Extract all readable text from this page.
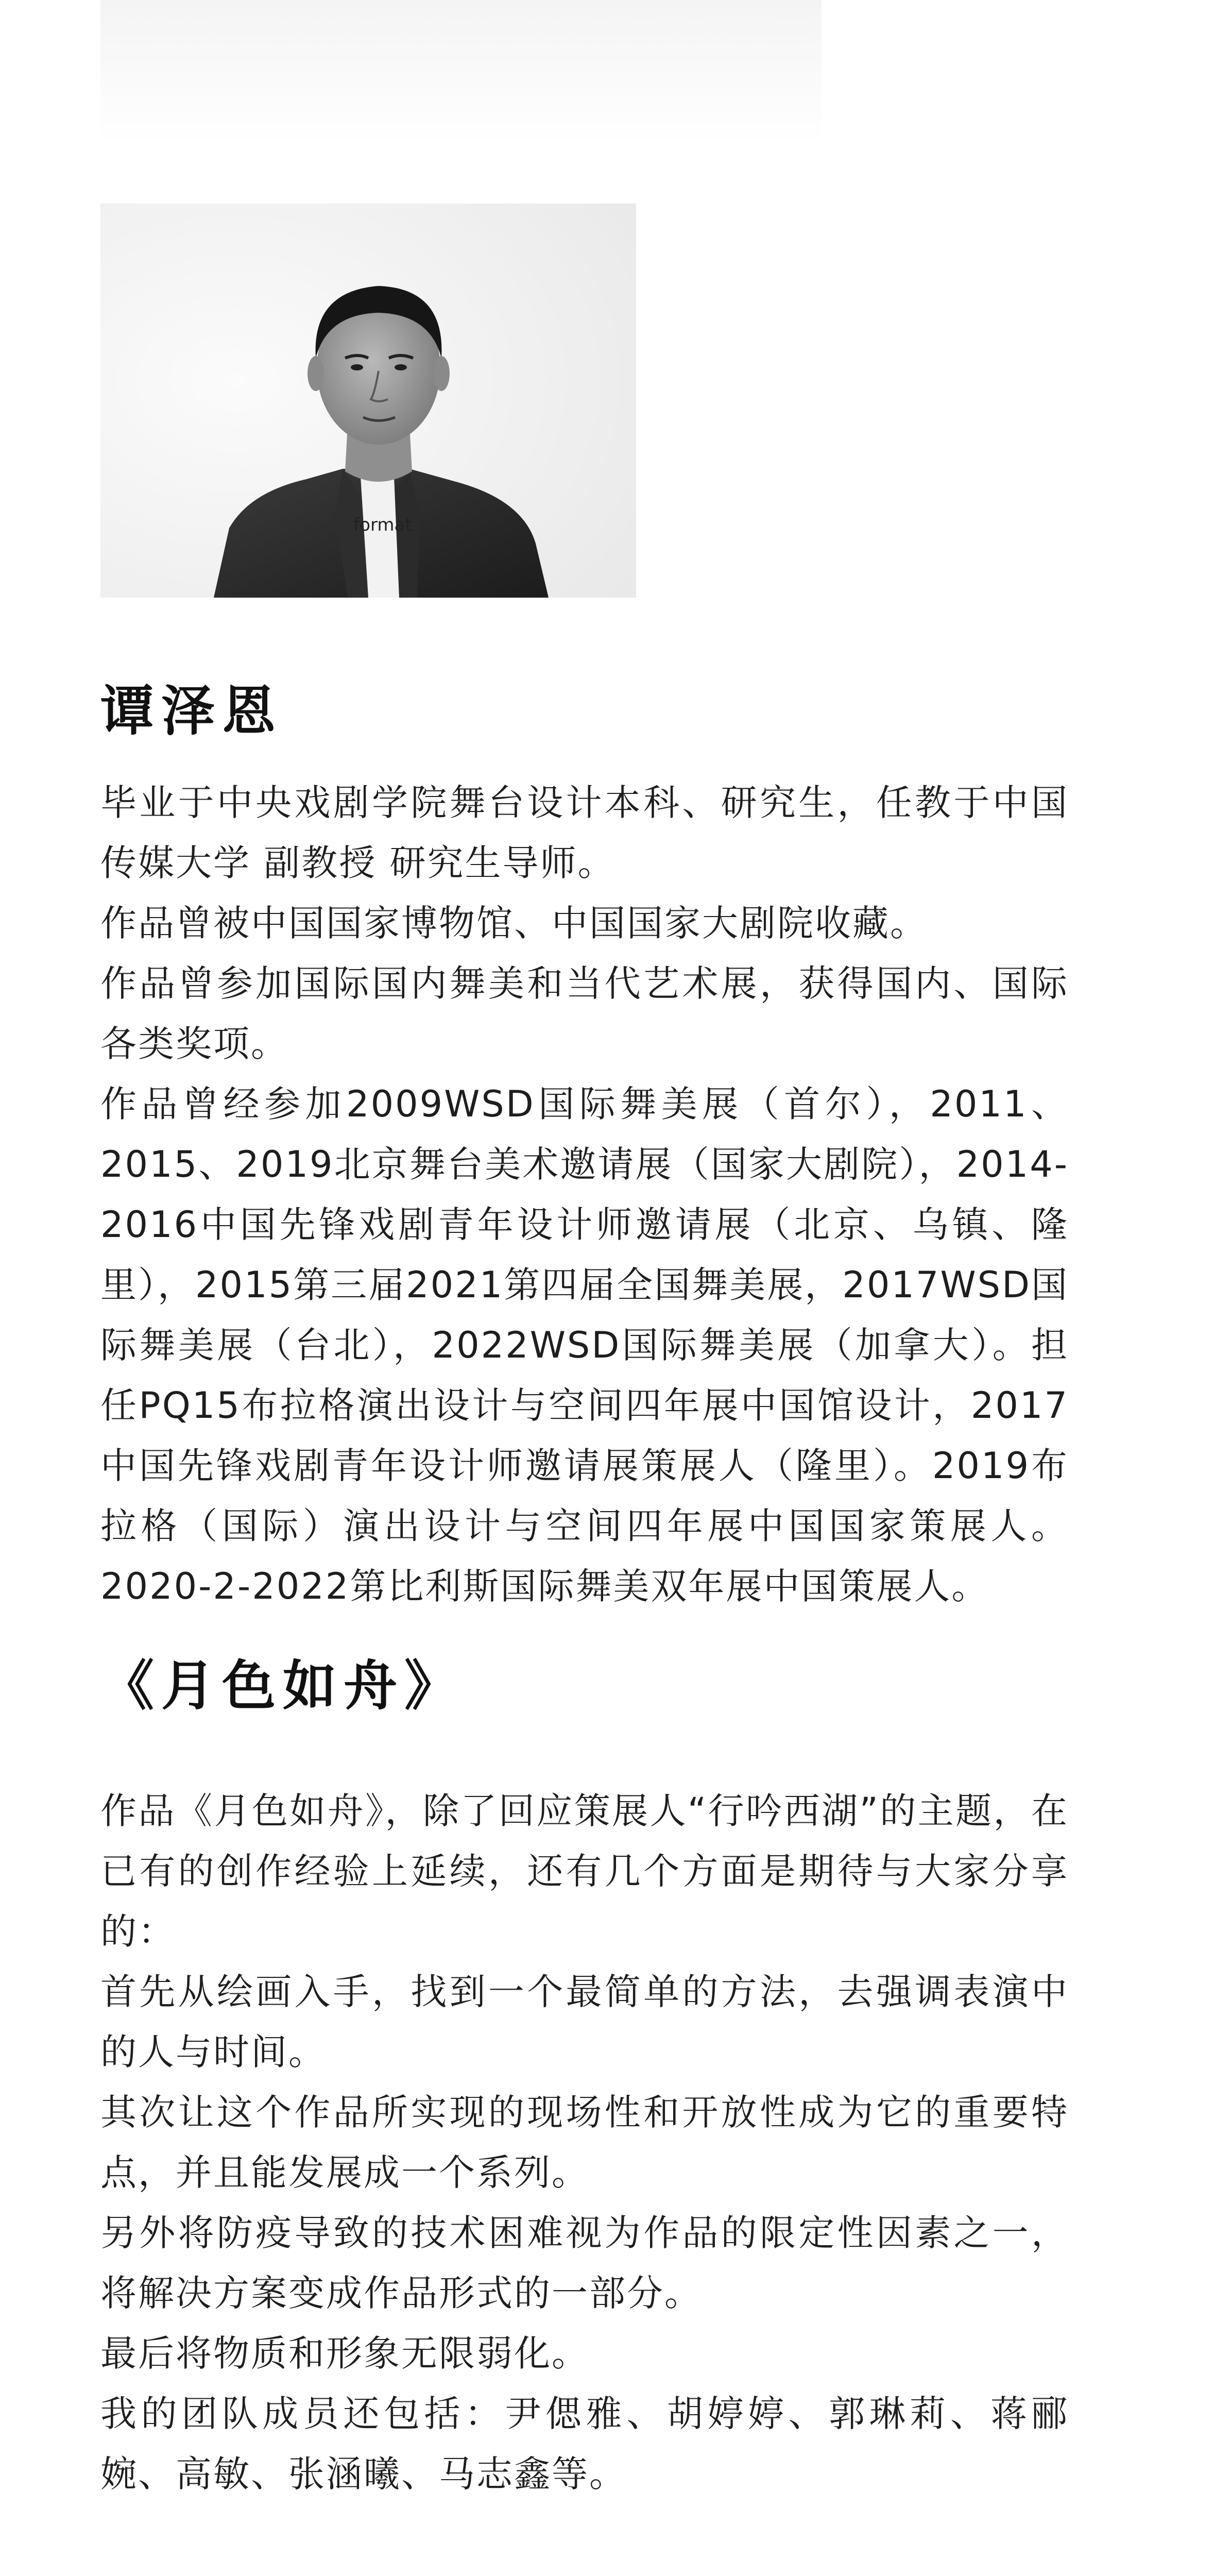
format
谭泽恩

毕业于中央戏剧学院舞台设计本科、研究生，任教于中国传媒大学 副教授 研究生导师。

作品曾被中国国家博物馆、中国国家大剧院收藏。

作品曾参加国际国内舞美和当代艺术展，获得国内、国际各类奖项。

作品曾经参加2009WSD国际舞美展（首尔），2011、2015、2019北京舞台美术邀请展（国家大剧院），2014-2016中国先锋戏剧青年设计师邀请展（北京、乌镇、隆里），2015第三届2021第四届全国舞美展，2017WSD国际舞美展（台北），2022WSD国际舞美展（加拿大）。担任PQ15布拉格演出设计与空间四年展中国馆设计，2017中国先锋戏剧青年设计师邀请展策展人（隆里）。2019布拉格（国际）演出设计与空间四年展中国国家策展人。2020-2-2022第比利斯国际舞美双年展中国策展人。

《月色如舟》

作品《月色如舟》，除了回应策展人“行吟西湖”的主题，在已有的创作经验上延续，还有几个方面是期待与大家分享的：

首先从绘画入手，找到一个最简单的方法，去强调表演中的人与时间。

其次让这个作品所实现的现场性和开放性成为它的重要特点，并且能发展成一个系列。

另外将防疫导致的技术困难视为作品的限定性因素之一，将解决方案变成作品形式的一部分。

最后将物质和形象无限弱化。

我的团队成员还包括：尹偲雅、胡婷婷、郭琳莉、蒋郦婉、高敏、张涵曦、马志鑫等。
